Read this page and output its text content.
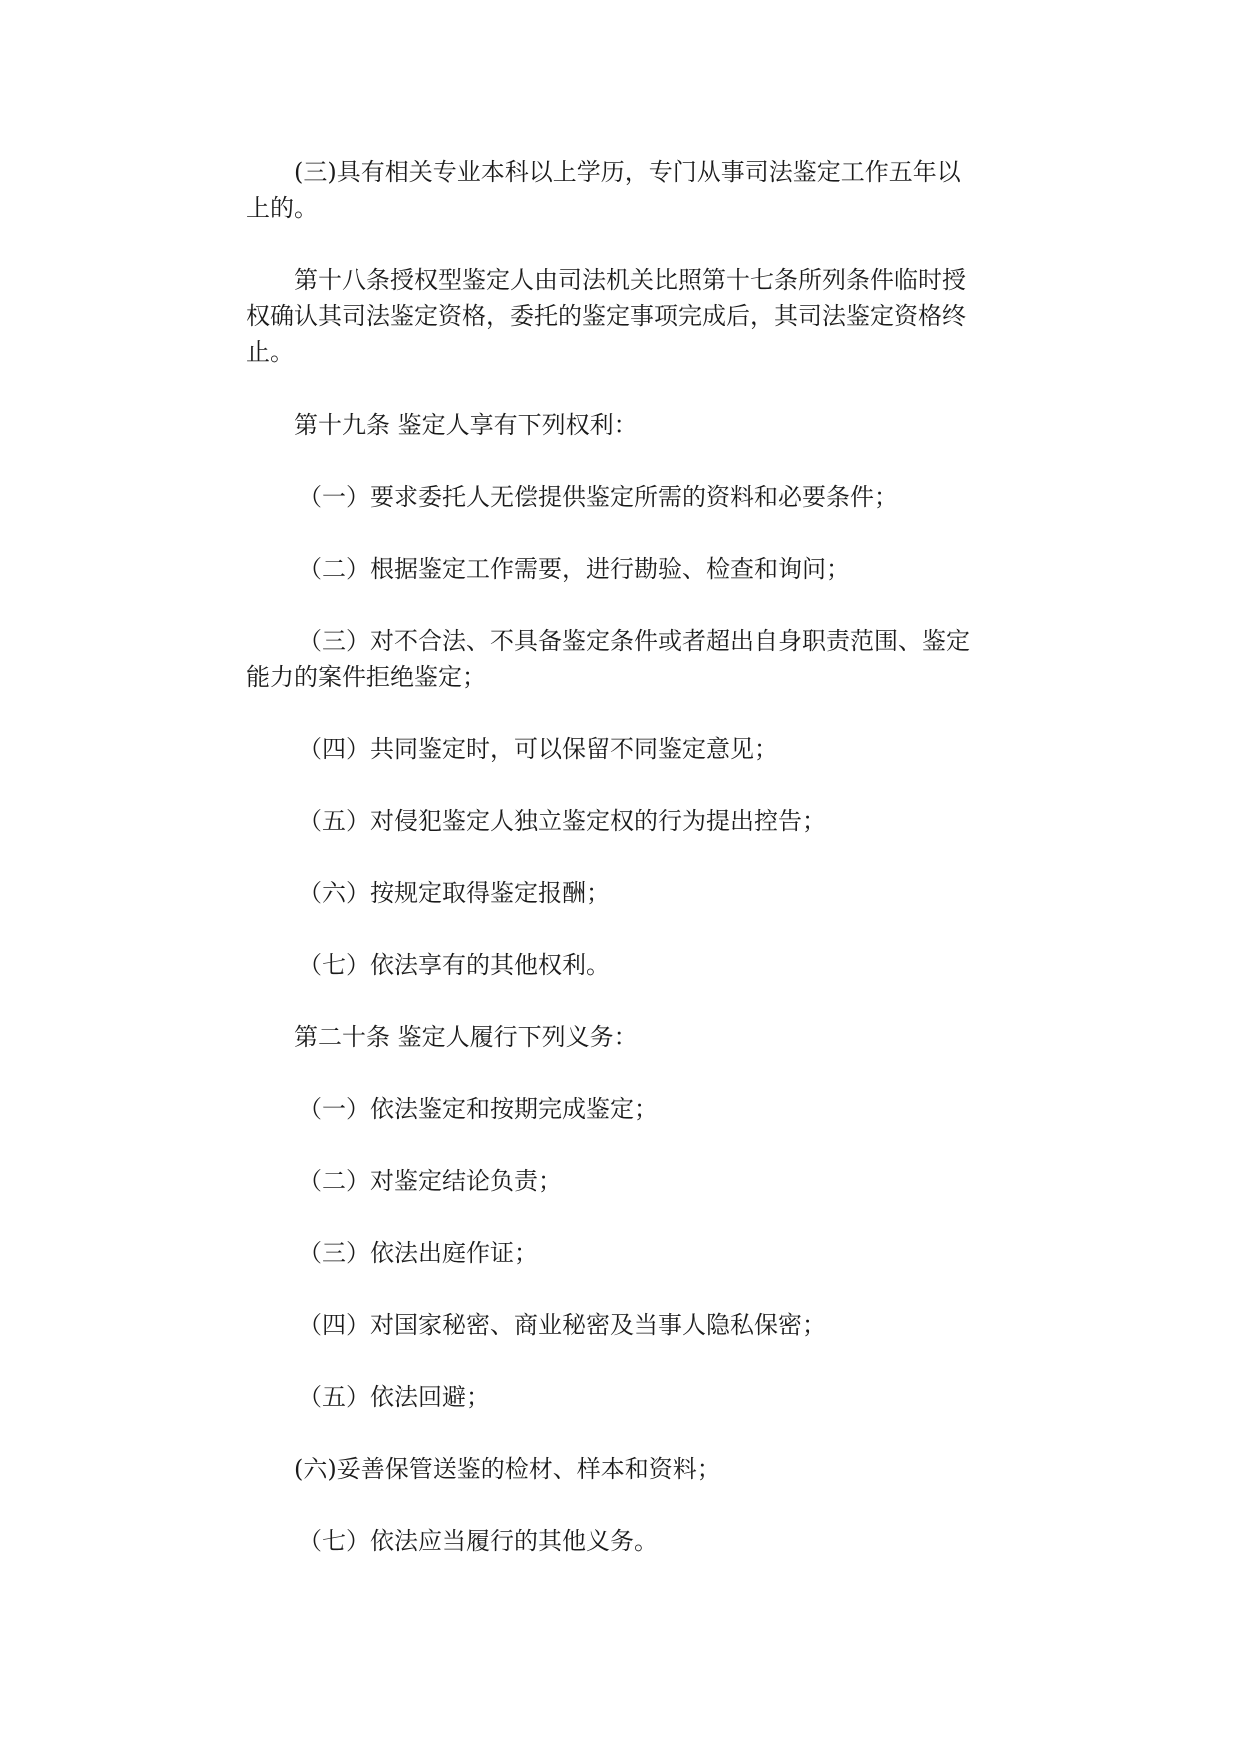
(三)具有相关专业本科以上学历，专门从事司法鉴定工作五年以
上的。
第十八条授权型鉴定人由司法机关比照第十七条所列条件临时授
权确认其司法鉴定资格，委托的鉴定事项完成后，其司法鉴定资格终
止。
第十九条 鉴定人享有下列权利：
（一）要求委托人无偿提供鉴定所需的资料和必要条件；
（二）根据鉴定工作需要，进行勘验、检查和询问；
（三）对不合法、不具备鉴定条件或者超出自身职责范围、鉴定
能力的案件拒绝鉴定；
（四）共同鉴定时，可以保留不同鉴定意见；
（五）对侵犯鉴定人独立鉴定权的行为提出控告；
（六）按规定取得鉴定报酬；
（七）依法享有的其他权利。
第二十条 鉴定人履行下列义务：
（一）依法鉴定和按期完成鉴定；
（二）对鉴定结论负责；
（三）依法出庭作证；
（四）对国家秘密、商业秘密及当事人隐私保密；
（五）依法回避；
(六)妥善保管送鉴的检材、样本和资料；
（七）依法应当履行的其他义务。
